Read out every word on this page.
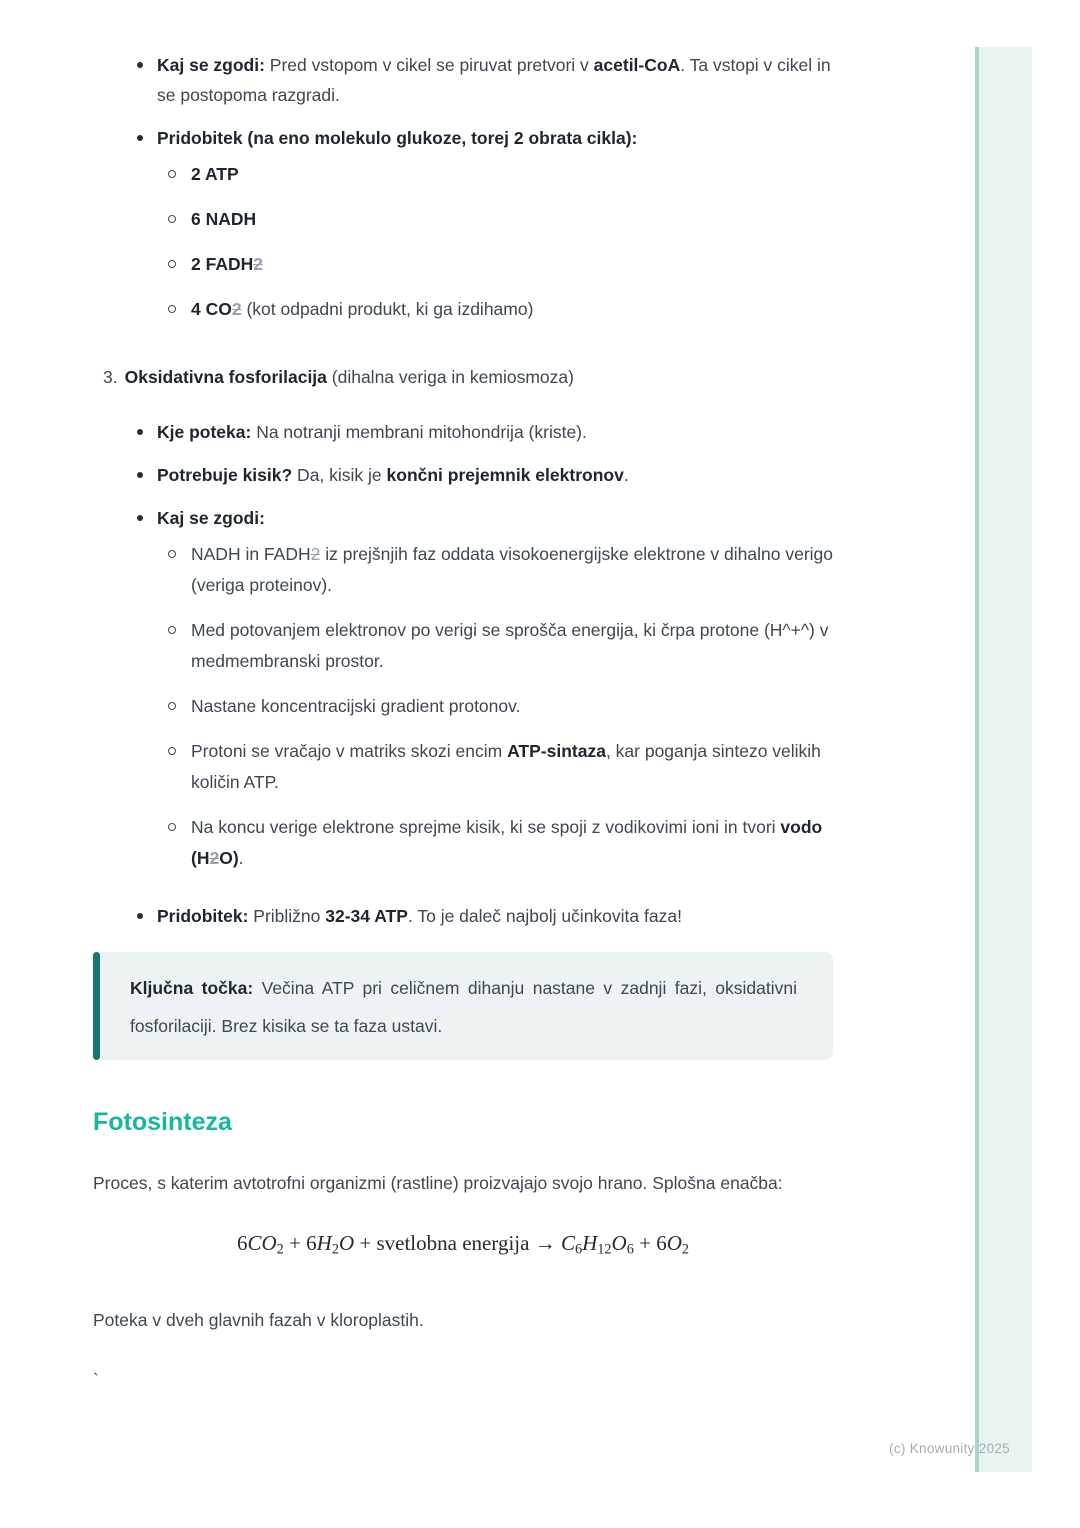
Kaj se zgodi: Pred vstopom v cikel se piruvat pretvori v acetil-CoA. Ta vstopi v cikel in se postopoma razgradi.
Pridobitek (na eno molekulo glukoze, torej 2 obrata cikla):
2 ATP
6 NADH
2 FADH2
4 CO2 (kot odpadni produkt, ki ga izdihamo)
3. Oksidativna fosforilacija (dihalna veriga in kemiosmoza)
Kje poteka: Na notranji membrani mitohondrija (kriste).
Potrebuje kisik? Da, kisik je končni prejemnik elektronov.
Kaj se zgodi:
NADH in FADH2 iz prejšnjih faz oddata visokoenergijske elektrone v dihalno verigo (veriga proteinov).
Med potovanjem elektronov po verigi se sprošča energija, ki črpa protone (H^+^) v medmembranski prostor.
Nastane koncentracijski gradient protonov.
Protoni se vračajo v matriks skozi encim ATP-sintaza, kar poganja sintezo velikih količin ATP.
Na koncu verige elektrone sprejme kisik, ki se spoji z vodikovimi ioni in tvori vodo (H2O).
Pridobitek: Približno 32-34 ATP. To je daleč najbolj učinkovita faza!
Ključna točka: Večina ATP pri celičnem dihanju nastane v zadnji fazi, oksidativni fosforilaciji. Brez kisika se ta faza ustavi.
Fotosinteza

Proces, s katerim avtotrofni organizmi (rastline) proizvajajo svojo hrano. Splošna enačba:

6CO2 + 6H2O + svetlobna energija → C6H12O6 + 6O2

Poteka v dveh glavnih fazah v kloroplastih.

`

(c) Knowunity 2025
